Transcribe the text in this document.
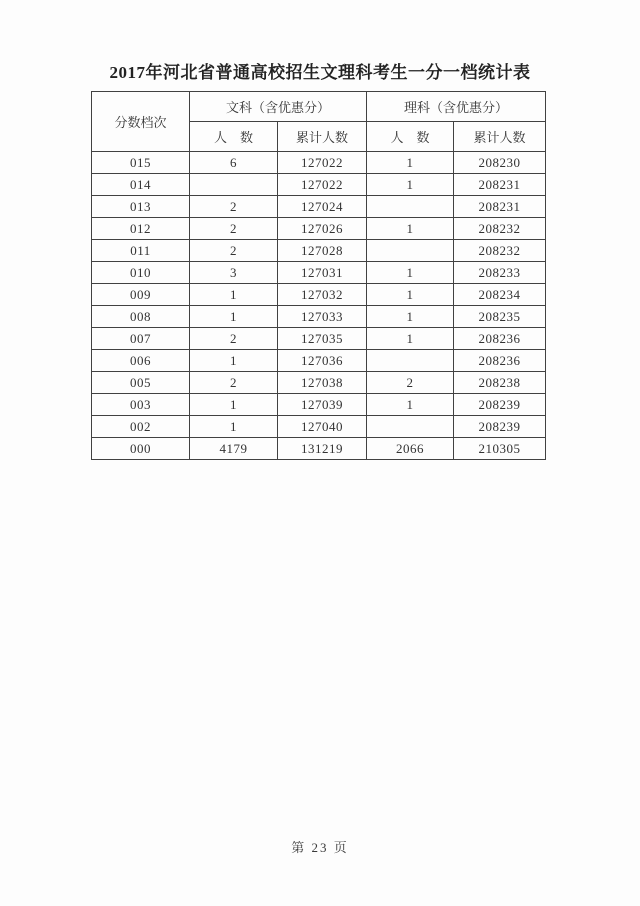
2017年河北省普通高校招生文理科考生一分一档统计表
分数档次	文科（含优惠分）		理科（含优惠分）	
	人　数	累计人数	人　数	累计人数
015	6	127022	1	208230
014		127022	1	208231
013	2	127024		208231
012	2	127026	1	208232
011	2	127028		208232
010	3	127031	1	208233
009	1	127032	1	208234
008	1	127033	1	208235
007	2	127035	1	208236
006	1	127036		208236
005	2	127038	2	208238
003	1	127039	1	208239
002	1	127040		208239
000	4179	131219	2066	210305
第 23 页
